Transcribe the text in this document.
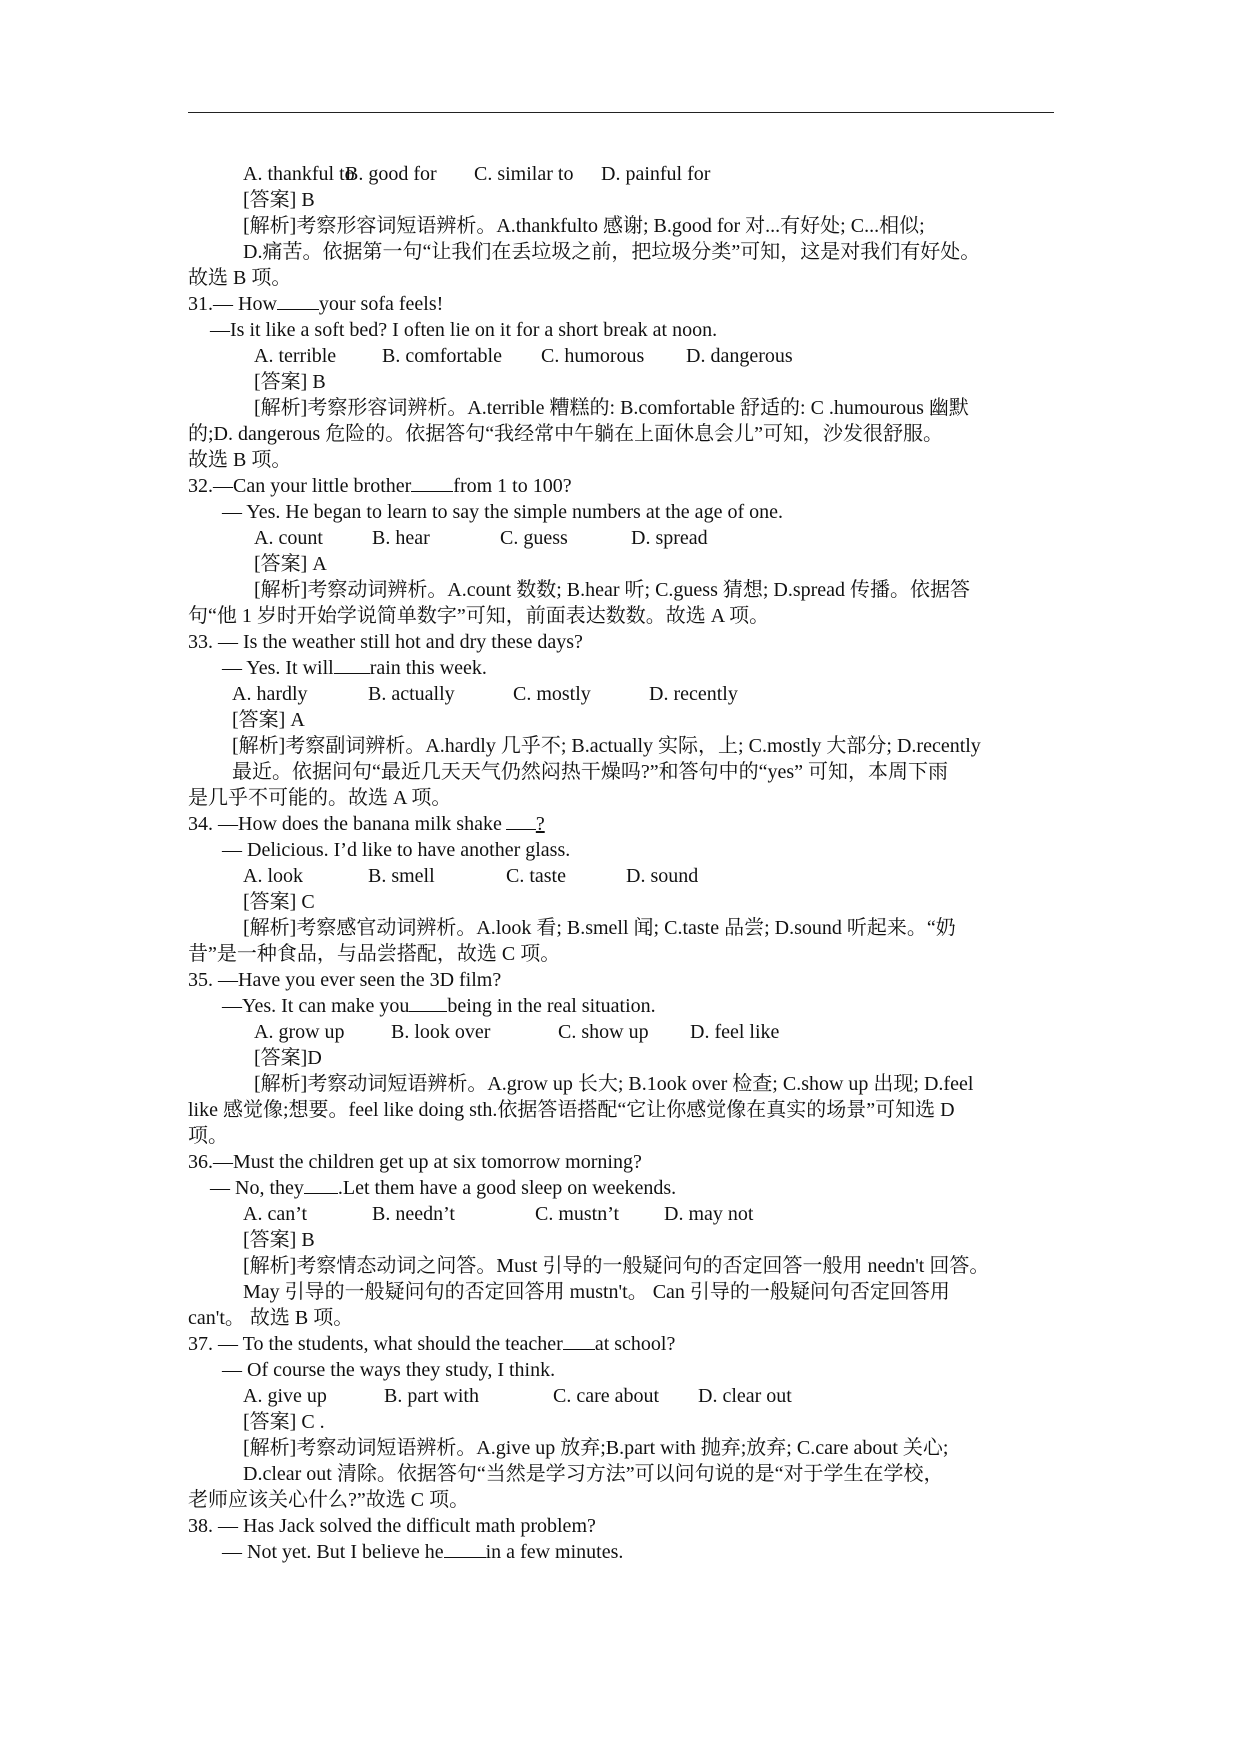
A. thankful to
B. good for C. similar to D. painful for
[答案] B
[解析]考察形容词短语辨析。A.thankfulto 感谢; B.good for 对...有好处; C...相似;
D.痛苦。依据第一句“让我们在丢垃圾之前，把垃圾分类”可知，这是对我们有好处。
故选 B 项。
31.— How your sofa feels!
—Is it like a soft bed? I often lie on it for a short break at noon.
A. terrible B. comfortable C. humorous D. dangerous
[答案] B
[解析]考察形容词辨析。A.terrible 糟糕的: B.comfortable 舒适的: C .humourous 幽默
的;D. dangerous 危险的。依据答句“我经常中午躺在上面休息会儿”可知，沙发很舒服。
故选 B 项。
32.—Can your little brother from 1 to 100?
— Yes. He began to learn to say the simple numbers at the age of one.
A. count B. hear	C. guess	D. spread
[答案] A
[解析]考察动词辨析。A.count 数数; B.hear 听; C.guess 猜想; D.spread 传播。依据答
句“他 1 岁时开始学说简单数字”可知，前面表达数数。故选 A 项。
33. — Is the weather still hot and dry these days?
— Yes. It will rain this week.
A. hardly	B. actually	C. mostly	D. recently
[答案] A
[解析]考察副词辨析。A.hardly 几乎不; B.actually 实际，上; C.mostly 大部分; D.recently
最近。依据问句“最近几天天气仍然闷热干燥吗?”和答句中的“yes” 可知，本周下雨
是几乎不可能的。故选 A 项。
34. —How does the banana milk shake ?
— Delicious. I’d like to have another glass.
A. look	B. smell	C. taste	D. sound
[答案] C
[解析]考察感官动词辨析。A.look 看; B.smell 闻; C.taste 品尝; D.sound 听起来。“奶
昔”是一种食品，与品尝搭配，故选 C 项。
35. —Have you ever seen the 3D film?
—Yes. It can make you being in the real situation.
A. grow up B. look over	C. show up D. feel like
[答案]D
[解析]考察动词短语辨析。A.grow up 长大; B.1ook over 检查; C.show up 出现; D.feel
like 感觉像;想要。feel like doing sth.依据答语搭配“它让你感觉像在真实的场景”可知选 D
项。
36.—Must the children get up at six tomorrow morning?
— No, they .Let them have a good sleep on weekends.
A. can’t	B. needn’t	C. mustn’t D. may not
[答案] B
[解析]考察情态动词之问答。Must 引导的一般疑问句的否定回答一般用 needn't 回答。
May 引导的一般疑问句的否定回答用 mustn't。 Can 引导的一般疑问句否定回答用
can't。 故选 B 项。
37. — To the students, what should the teacher at school?
— Of course the ways they study, I think.
A. give up	B. part with	C. care about D. clear out
[答案] C .
[解析]考察动词短语辨析。A.give up 放弃;B.part with 抛弃;放弃; C.care about 关心;
D.clear out 清除。依据答句“当然是学习方法”可以问句说的是“对于学生在学校，
老师应该关心什么?”故选 C 项。
38. — Has Jack solved the difficult math problem?
— Not yet. But I believe he in a few minutes.
